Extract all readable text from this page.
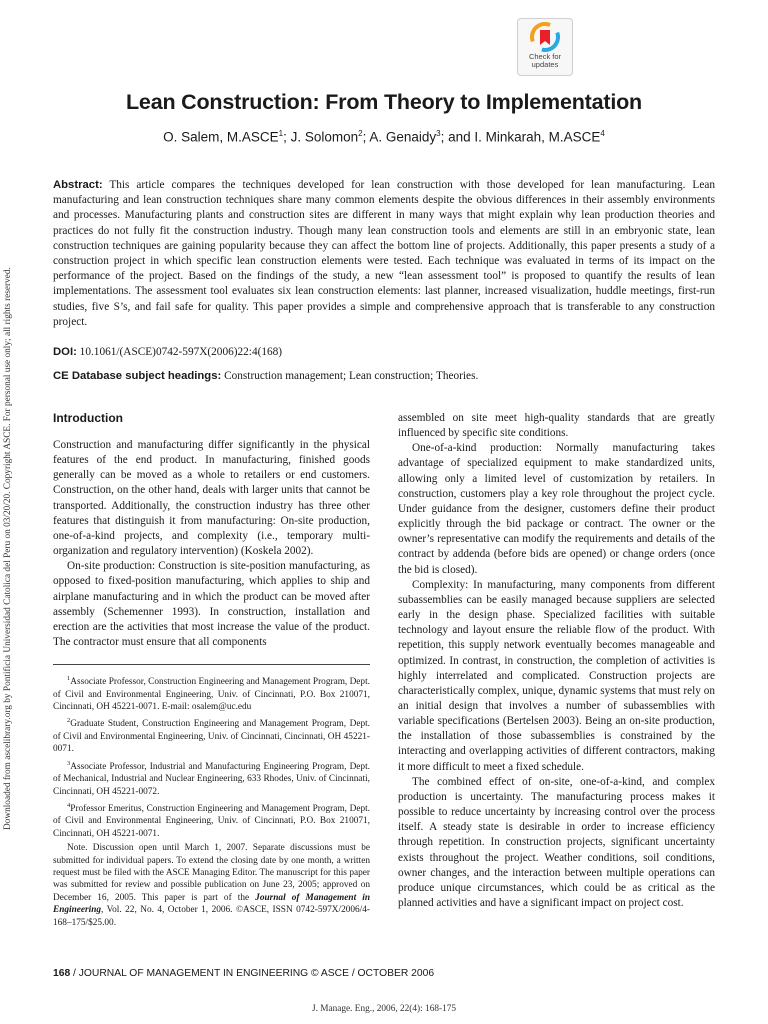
Check for updates
Lean Construction: From Theory to Implementation
O. Salem, M.ASCE$^1$; J. Solomon$^2$; A. Genaidy$^3$; and I. Minkarah, M.ASCE$^4$
Downloaded from ascelibrary.org by Pontificia Universidad Catolica del Peru on 03/20/20. Copyright ASCE. For personal use only; all rights reserved.
Abstract: This article compares the techniques developed for lean construction with those developed for lean manufacturing. Lean manufacturing and lean construction techniques share many common elements despite the obvious differences in their assembly environments and processes. Manufacturing plants and construction sites are different in many ways that might explain why lean production theories and practices do not fully fit the construction industry. Though many lean construction tools and elements are still in an embryonic state, lean construction techniques are gaining popularity because they can affect the bottom line of projects. Additionally, this paper presents a study of a construction project in which specific lean construction elements were tested. Each technique was evaluated in terms of its impact on the performance of the project. Based on the findings of the study, a new “lean assessment tool” is proposed to quantify the results of lean implementations. The assessment tool evaluates six lean construction elements: last planner, increased visualization, huddle meetings, first-run studies, five S’s, and fail safe for quality. This paper provides a simple and comprehensive approach that is transferable to any construction project.
DOI: 10.1061/(ASCE)0742-597X(2006)22:4(168)
CE Database subject headings: Construction management; Lean construction; Theories.
Introduction

Construction and manufacturing differ significantly in the physical features of the end product. In manufacturing, finished goods generally can be moved as a whole to retailers or end customers. Construction, on the other hand, deals with larger units that cannot be transported. Additionally, the construction industry has three other features that distinguish it from manufacturing: On-site production, one-of-a-kind projects, and complexity (i.e., temporary multi-organization and regulatory intervention) (Koskela 2002).

On-site production: Construction is site-position manufacturing, as opposed to fixed-position manufacturing, which applies to ship and airplane manufacturing and in which the product can be moved after assembly (Schemenner 1993). In construction, installation and erection are the activities that most increase the value of the product. The contractor must ensure that all components

$^1$Associate Professor, Construction Engineering and Management Program, Dept. of Civil and Environmental Engineering, Univ. of Cincinnati, P.O. Box 210071, Cincinnati, OH 45221-0071. E-mail: osalem@uc.edu

$^2$Graduate Student, Construction Engineering and Management Program, Dept. of Civil and Environmental Engineering, Univ. of Cincinnati, Cincinnati, OH 45221-0071.

$^3$Associate Professor, Industrial and Manufacturing Engineering Program, Dept. of Mechanical, Industrial and Nuclear Engineering, 633 Rhodes, Univ. of Cincinnati, Cincinnati, OH 45221-0072.

$^4$Professor Emeritus, Construction Engineering and Management Program, Dept. of Civil and Environmental Engineering, Univ. of Cincinnati, P.O. Box 210071, Cincinnati, OH 45221-0071.

Note. Discussion open until March 1, 2007. Separate discussions must be submitted for individual papers. To extend the closing date by one month, a written request must be filed with the ASCE Managing Editor. The manuscript for this paper was submitted for review and possible publication on June 23, 2005; approved on December 16, 2005. This paper is part of the Journal of Management in Engineering, Vol. 22, No. 4, October 1, 2006. ©ASCE, ISSN 0742-597X/2006/4-168–175/$25.00.

assembled on site meet high-quality standards that are greatly influenced by specific site conditions.

One-of-a-kind production: Normally manufacturing takes advantage of specialized equipment to make standardized units, allowing only a limited level of customization by retailers. In construction, customers play a key role throughout the project cycle. Under guidance from the designer, customers define their product explicitly through the bid package or contract. The owner or the owner’s representative can modify the requirements and details of the contract by addenda (before bids are opened) or change orders (once the bid is closed).

Complexity: In manufacturing, many components from different subassemblies can be easily managed because suppliers are selected early in the design phase. Specialized facilities with suitable technology and layout ensure the reliable flow of the product. With repetition, this supply network eventually becomes manageable and optimized. In contrast, in construction, the completion of activities is highly interrelated and complicated. Construction projects are characteristically complex, unique, dynamic systems that must rely on an initial design that involves a number of subassemblies with variable specifications (Bertelsen 2003). Being an on-site production, the installation of those subassemblies is constrained by the interacting and overlapping activities of different contractors, making it more difficult to meet a fixed schedule.

The combined effect of on-site, one-of-a-kind, and complex production is uncertainty. The manufacturing process makes it possible to reduce uncertainty by increasing control over the process itself. A steady state is desirable in order to increase efficiency through repetition. In construction projects, significant uncertainty exists throughout the project. Weather conditions, soil conditions, owner changes, and the interaction between multiple operations can produce unique circumstances, which could be as critical as the planned activities and have a significant impact on project cost.

168 / JOURNAL OF MANAGEMENT IN ENGINEERING © ASCE / OCTOBER 2006
J. Manage. Eng., 2006, 22(4): 168-175
